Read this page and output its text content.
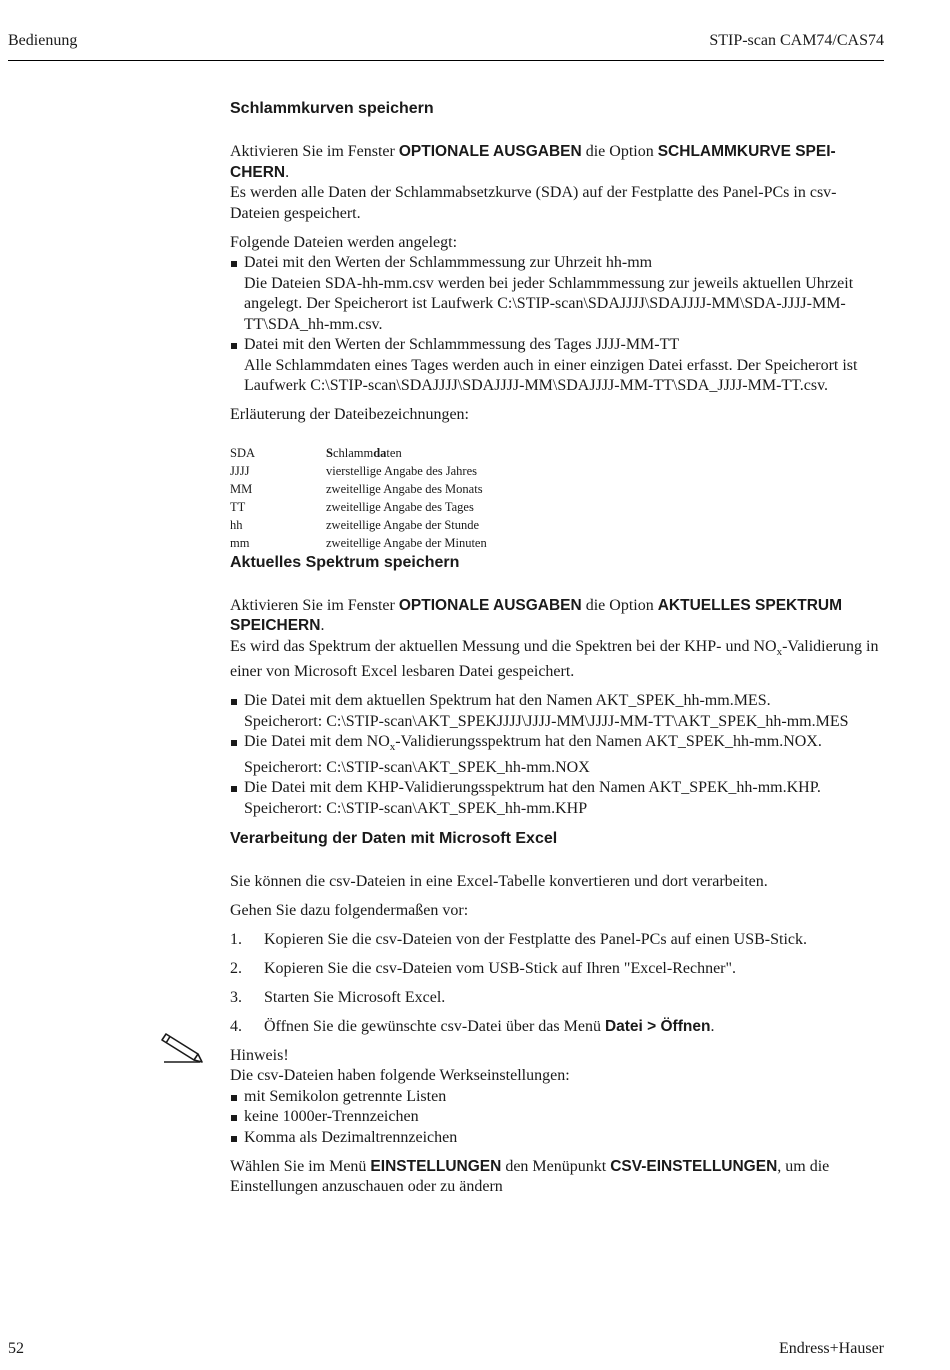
Bedienung	STIP-scan CAM74/CAS74
Schlammkurven speichern

Aktivieren Sie im Fenster OPTIONALE AUSGABEN die Option SCHLAMMKURVE SPEI-CHERN.

Es werden alle Daten der Schlammabsetzkurve (SDA) auf der Festplatte des Panel-PCs in csv-Dateien gespeichert.

Folgende Dateien werden angelegt:

Datei mit den Werten der Schlammmessung zur Uhrzeit hh-mm
Die Dateien SDA-hh-mm.csv werden bei jeder Schlammmessung zur jeweils aktuellen Uhrzeit angelegt. Der Speicherort ist Laufwerk C:\STIP-scan\SDAJJJJ\SDAJJJJ-MM\SDA-JJJJ-MM-TT\SDA_hh-mm.csv.
Datei mit den Werten der Schlammmessung des Tages JJJJ-MM-TT
Alle Schlammdaten eines Tages werden auch in einer einzigen Datei erfasst. Der Speicherort ist Laufwerk C:\STIP-scan\SDAJJJJ\SDAJJJJ-MM\SDAJJJJ-MM-TT\SDA_JJJJ-MM-TT.csv.

Erläuterung der Dateibezeichnungen:

SDA	Schlammdaten
JJJJ	vierstellige Angabe des Jahres
MM	zweitellige Angabe des Monats
TT	zweitellige Angabe des Tages
hh	zweitellige Angabe der Stunde
mm	zweitellige Angabe der Minuten
Aktuelles Spektrum speichern

Aktivieren Sie im Fenster OPTIONALE AUSGABEN die Option AKTUELLES SPEKTRUM SPEICHERN.

Es wird das Spektrum der aktuellen Messung und die Spektren bei der KHP- und $NO_x$-Validierung in einer von Microsoft Excel lesbaren Datei gespeichert.

Die Datei mit dem aktuellen Spektrum hat den Namen AKT_SPEK_hh-mm.MES.
Speicherort: C:\STIP-scan\AKT_SPEKJJJJ\JJJJ-MM\JJJJ-MM-TT\AKT_SPEK_hh-mm.MES
Die Datei mit dem $NO_x$-Validierungsspektrum hat den Namen AKT_SPEK_hh-mm.NOX.
Speicherort: C:\STIP-scan\AKT_SPEK_hh-mm.NOX
Die Datei mit dem KHP-Validierungsspektrum hat den Namen AKT_SPEK_hh-mm.KHP.
Speicherort: C:\STIP-scan\AKT_SPEK_hh-mm.KHP
Verarbeitung der Daten mit Microsoft Excel

Sie können die csv-Dateien in eine Excel-Tabelle konvertieren und dort verarbeiten.

Gehen Sie dazu folgendermaßen vor:

1.	Kopieren Sie die csv-Dateien von der Festplatte des Panel-PCs auf einen USB-Stick.
2.	Kopieren Sie die csv-Dateien vom USB-Stick auf Ihren "Excel-Rechner".
3.	Starten Sie Microsoft Excel.
4.	Öffnen Sie die gewünschte csv-Datei über das Menü Datei > Öffnen.

Hinweis!

Die csv-Dateien haben folgende Werkseinstellungen:

mit Semikolon getrennte Listen
keine 1000er-Trennzeichen
Komma als Dezimaltrennzeichen

Wählen Sie im Menü EINSTELLUNGEN den Menüpunkt CSV-EINSTELLUNGEN, um die Einstellungen anzuschauen oder zu ändern

52	Endress+Hauser
